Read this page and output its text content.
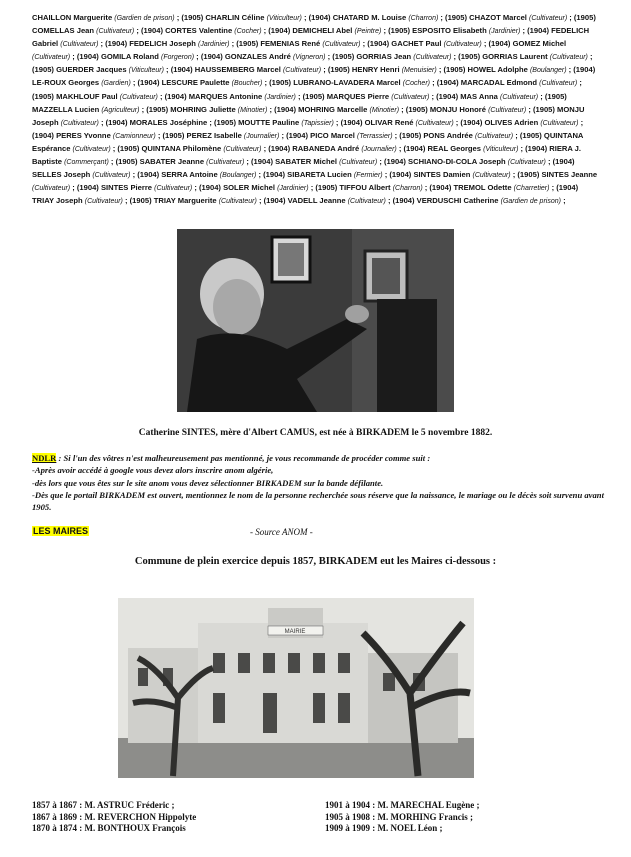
CHAILLON Marguerite (Gardien de prison) ; (1905) CHARLIN Céline (Viticulteur) ; (1904) CHATARD M. Louise (Charron) ; (1905) CHAZOT Marcel (Cultivateur) ; (1905) COMELLAS Jean (Cultivateur) ; (1904) CORTES Valentine (Cocher) ; (1904) DEMICHELI Abel (Peintre) ; (1905) ESPOSITO Elisabeth (Jardinier) ; (1904) FEDELICH Gabriel (Cultivateur) ; (1904) FEDELICH Joseph (Jardinier) ; (1905) FEMENIAS René (Cultivateur) ; (1904) GACHET Paul (Cultivateur) ; (1904) GOMEZ Michel (Cultivateur) ; (1904) GOMILA Roland (Forgeron) ; (1904) GONZALES André (Vigneron) ; (1905) GORRIAS Jean (Cultivateur) ; (1905) GORRIAS Laurent (Cultivateur) ; (1905) GUERDER Jacques (Viticulteur) ; (1904) HAUSSEMBERG Marcel (Cultivateur) ; (1905) HENRY Henri (Menuisier) ; (1905) HOWEL Adolphe (Boulanger) ; (1904) LE-ROUX Georges (Gardien) ; (1904) LESCURE Paulette (Boucher) ; (1905) LUBRANO-LAVADERA Marcel (Cocher) ; (1904) MARCADAL Edmond (Cultivateur) ; (1905) MAKHLOUF Paul (Cultivateur) ; (1904) MARQUES Antonine (Jardinier) ; (1905) MARQUES Pierre (Cultivateur) ; (1904) MAS Anna (Cultivateur) ; (1905) MAZZELLA Lucien (Agriculteur) ; (1905) MOHRING Juliette (Minotier) ; (1904) MOHRING Marcelle (Minotier) ; (1905) MONJU Honoré (Cultivateur) ; (1905) MONJU Joseph (Cultivateur) ; (1904) MORALES Joséphine ; (1905) MOUTTE Pauline (Tapissier) ; (1904) OLIVAR René (Cultivateur) ; (1904) OLIVES Adrien (Cultivateur) ; (1904) PERES Yvonne (Camionneur) ; (1905) PEREZ Isabelle (Journalier) ; (1904) PICO Marcel (Terrassier) ; (1905) PONS Andrée (Cultivateur) ; (1905) QUINTANA Espérance (Cultivateur) ; (1905) QUINTANA Philomène (Cultivateur) ; (1904) RABANEDA André (Journalier) ; (1904) REAL Georges (Viticulteur) ; (1904) RIERA J. Baptiste (Commerçant) ; (1905) SABATER Jeanne (Cultivateur) ; (1904) SABATER Michel (Cultivateur) ; (1904) SCHIANO-DI-COLA Joseph (Cultivateur) ; (1904) SELLES Joseph (Cultivateur) ; (1904) SERRA Antoine (Boulanger) ; (1904) SIBARETA Lucien (Fermier) ; (1904) SINTES Damien (Cultivateur) ; (1905) SINTES Jeanne (Cultivateur) ; (1904) SINTES Pierre (Cultivateur) ; (1904) SOLER Michel (Jardinier) ; (1905) TIFFOU Albert (Charron) ; (1904) TREMOL Odette (Charretier) ; (1904) TRIAY Joseph (Cultivateur) ; (1905) TRIAY Marguerite (Cultivateur) ; (1904) VADELL Jeanne (Cultivateur) ; (1904) VERDUSCHI Catherine (Gardien de prison) ;
Catherine SINTES, mère d'Albert CAMUS, est née à BIRKADEM le 5 novembre 1882.
NDLR : Si l'un des vôtres n'est malheureusement pas mentionné, je vous recommande de procéder comme suit :
-Après avoir accédé à google vous devez alors inscrire anom algérie,
-dès lors que vous êtes sur le site anom vous devez sélectionner BIRKADEM sur la bande défilante.
-Dès que le portail BIRKADEM est ouvert, mentionnez le nom de la personne recherchée sous réserve que la naissance, le mariage ou le décès soit survenu avant 1905.
LES MAIRES	- Source ANOM -
Commune de plein exercice depuis 1857, BIRKADEM eut les Maires ci-dessous :
MAIRIE
1857 à 1867 : M. ASTRUC Fréderic ;
1867 à 1869 : M. REVERCHON Hippolyte
1870 à 1874 : M. BONTHOUX François
1901 à 1904 : M. MARECHAL Eugène ;
1905 à 1908 : M. MORHING Francis ;
1909 à 1909 : M. NOEL Léon ;
